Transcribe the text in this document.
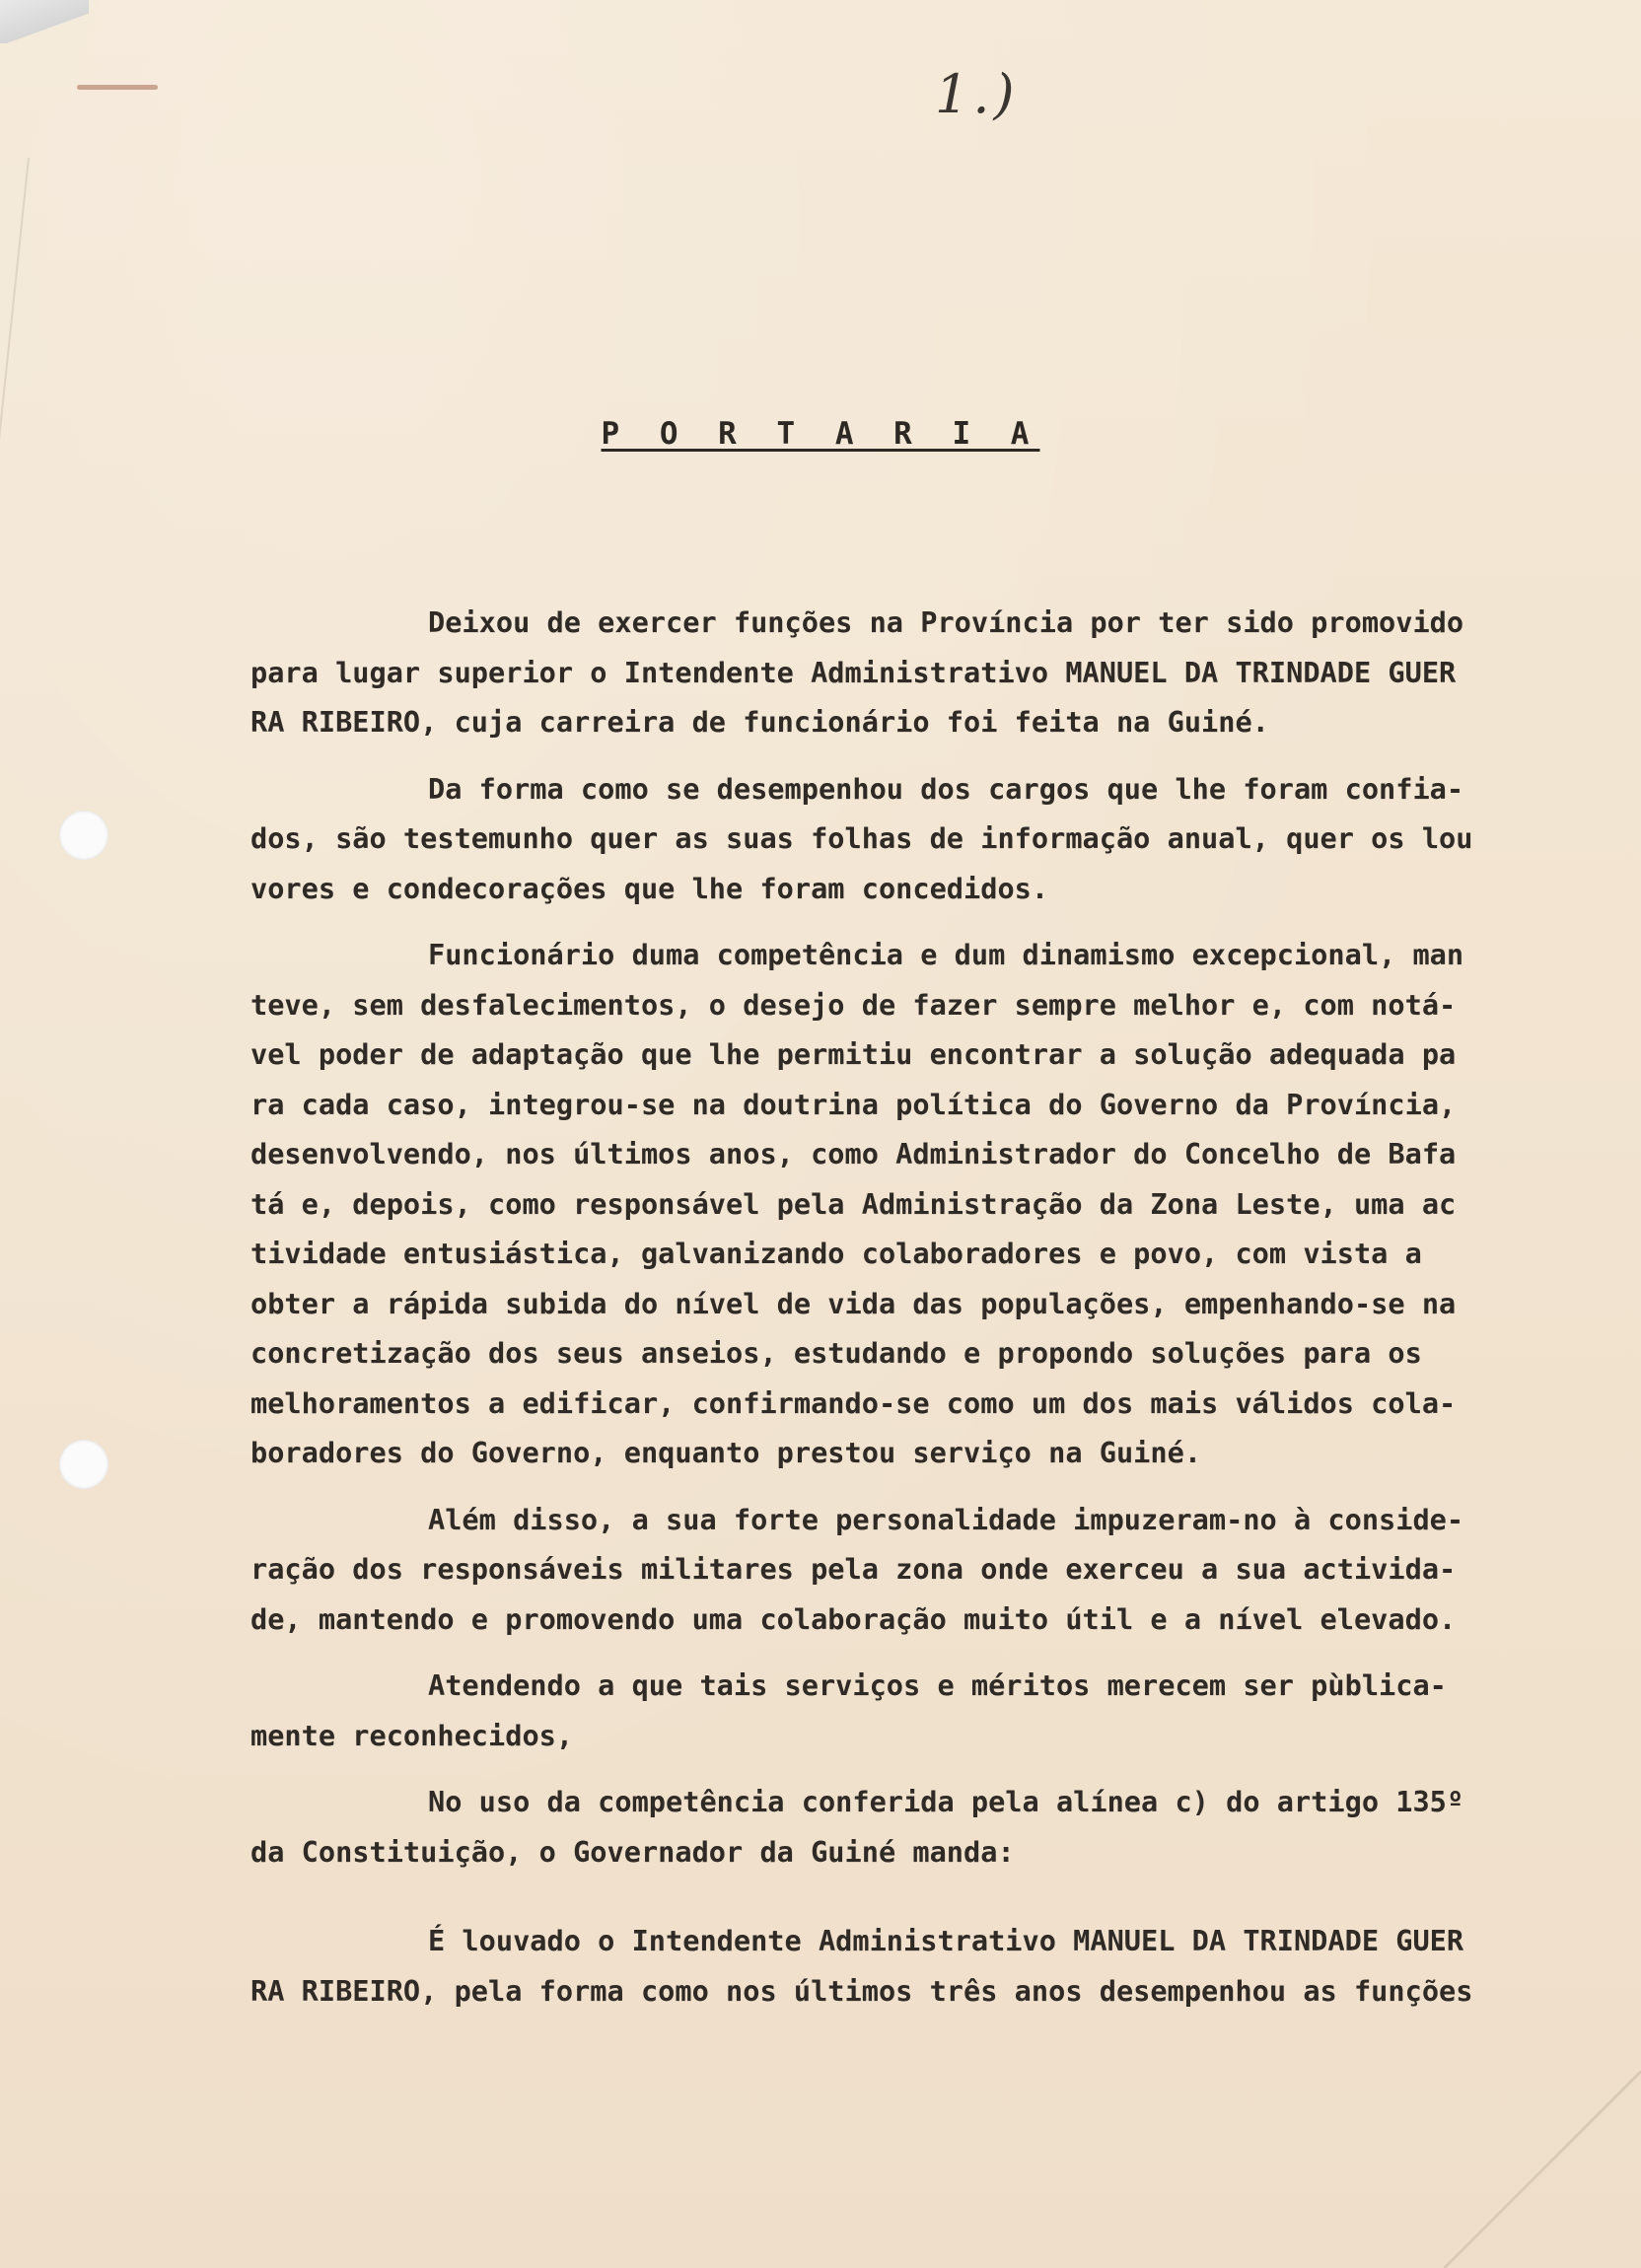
1.)
P O R T A R I A
Deixou de exercer funções na Província por ter sido promovido
para lugar superior o Intendente Administrativo MANUEL DA TRINDADE GUER
RA RIBEIRO, cuja carreira de funcionário foi feita na Guiné.
Da forma como se desempenhou dos cargos que lhe foram confia-
dos, são testemunho quer as suas folhas de informação anual, quer os lou
vores e condecorações que lhe foram concedidos.
Funcionário duma competência e dum dinamismo excepcional, man
teve, sem desfalecimentos, o desejo de fazer sempre melhor e, com notá-
vel poder de adaptação que lhe permitiu encontrar a solução adequada pa
ra cada caso, integrou-se na doutrina política do Governo da Província,
desenvolvendo, nos últimos anos, como Administrador do Concelho de Bafa
tá e, depois, como responsável pela Administração da Zona Leste, uma ac
tividade entusiástica, galvanizando colaboradores e povo, com vista a
obter a rápida subida do nível de vida das populações, empenhando-se na
concretização dos seus anseios, estudando e propondo soluções para os
melhoramentos a edificar, confirmando-se como um dos mais válidos cola-
boradores do Governo, enquanto prestou serviço na Guiné.
Além disso, a sua forte personalidade impuzeram-no à conside-
ração dos responsáveis militares pela zona onde exerceu a sua activida-
de, mantendo e promovendo uma colaboração muito útil e a nível elevado.
Atendendo a que tais serviços e méritos merecem ser pùblica-
mente reconhecidos,
No uso da competência conferida pela alínea c) do artigo 135º
da Constituição, o Governador da Guiné manda:
É louvado o Intendente Administrativo MANUEL DA TRINDADE GUER
RA RIBEIRO, pela forma como nos últimos três anos desempenhou as funções
